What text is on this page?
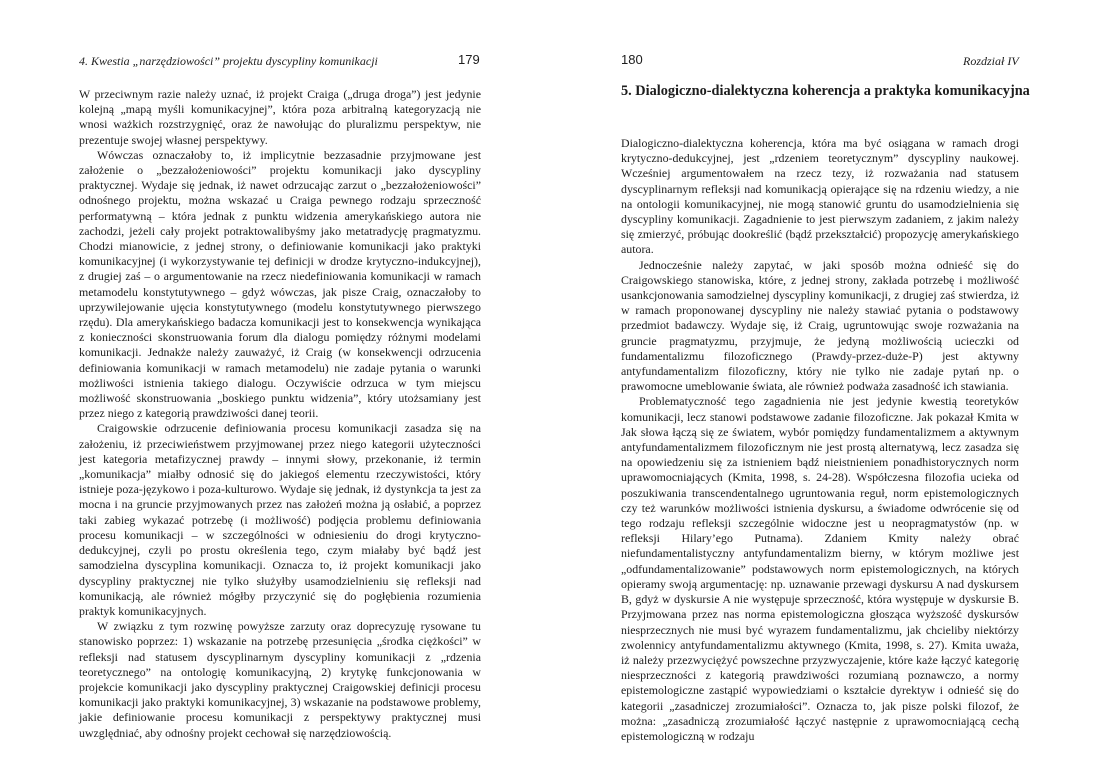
4. Kwestia „narzędziowości” projektu dyscypliny komunikacji	179

W przeciwnym razie należy uznać, iż projekt Craiga („druga droga”) jest jedynie kolejną „mapą myśli komunikacyjnej”, która poza arbitralną kategoryzacją nie wnosi ważkich rozstrzygnięć, oraz że nawołując do pluralizmu perspektyw, nie prezentuje swojej własnej perspektywy.

Wówczas oznaczałoby to, iż implicytnie bezzasadnie przyjmowane jest założenie o „bezzałożeniowości” projektu komunikacji jako dyscypliny praktycznej. Wydaje się jednak, iż nawet odrzucając zarzut o „bezzałożeniowości” odnośnego projektu, można wskazać u Craiga pewnego rodzaju sprzeczność performatywną – która jednak z punktu widzenia amerykańskiego autora nie zachodzi, jeżeli cały projekt potraktowalibyśmy jako metatradycję pragmatyzmu. Chodzi mianowicie, z jednej strony, o definiowanie komunikacji jako praktyki komunikacyjnej (i wykorzystywanie tej definicji w drodze krytyczno-indukcyjnej), z drugiej zaś – o argumentowanie na rzecz niedefiniowania komunikacji w ramach metamodelu konstytutywnego – gdyż wówczas, jak pisze Craig, oznaczałoby to uprzywilejowanie ujęcia konstytutywnego (modelu konstytutywnego pierwszego rzędu). Dla amerykańskiego badacza komunikacji jest to konsekwencja wynikająca z konieczności skonstruowania forum dla dialogu pomiędzy różnymi modelami komunikacji. Jednakże należy zauważyć, iż Craig (w konsekwencji odrzucenia definiowania komunikacji w ramach metamodelu) nie zadaje pytania o warunki możliwości istnienia takiego dialogu. Oczywiście odrzuca w tym miejscu możliwość skonstruowania „boskiego punktu widzenia”, który utożsamiany jest przez niego z kategorią prawdziwości danej teorii.

Craigowskie odrzucenie definiowania procesu komunikacji zasadza się na założeniu, iż przeciwieństwem przyjmowanej przez niego kategorii użyteczności jest kategoria metafizycznej prawdy – innymi słowy, przekonanie, iż termin „komunikacja” miałby odnosić się do jakiegoś elementu rzeczywistości, który istnieje poza-językowo i poza-kulturowo. Wydaje się jednak, iż dystynkcja ta jest za mocna i na gruncie przyjmowanych przez nas założeń można ją osłabić, a poprzez taki zabieg wykazać potrzebę (i możliwość) podjęcia problemu definiowania procesu komunikacji – w szczególności w odniesieniu do drogi krytyczno-dedukcyjnej, czyli po prostu określenia tego, czym miałaby być bądź jest samodzielna dyscyplina komunikacji. Oznacza to, iż projekt komunikacji jako dyscypliny praktycznej nie tylko służyłby usamodzielnieniu się refleksji nad komunikacją, ale również mógłby przyczynić się do pogłębienia rozumienia praktyk komunikacyjnych.

W związku z tym rozwinę powyższe zarzuty oraz doprecyzuję rysowane tu stanowisko poprzez: 1) wskazanie na potrzebę przesunięcia „środka ciężkości” w refleksji nad statusem dyscyplinarnym dyscypliny komunikacji z „rdzenia teoretycznego” na ontologię komunikacyjną, 2) krytykę funkcjonowania w projekcie komunikacji jako dyscypliny praktycznej Craigowskiej definicji procesu komunikacji jako praktyki komunikacyjnej, 3) wskazanie na podstawowe problemy, jakie definiowanie procesu komunikacji z perspektywy praktycznej musi uwzględniać, aby odnośny projekt cechował się narzędziowością.

180	Rozdział IV
5. Dialogiczno-dialektyczna koherencja a praktyka komunikacyjna

Dialogiczno-dialektyczna koherencja, która ma być osiągana w ramach drogi krytyczno-dedukcyjnej, jest „rdzeniem teoretycznym” dyscypliny naukowej. Wcześniej argumentowałem na rzecz tezy, iż rozważania nad statusem dyscyplinarnym refleksji nad komunikacją opierające się na rdzeniu wiedzy, a nie na ontologii komunikacyjnej, nie mogą stanowić gruntu do usamodzielnienia się dyscypliny komunikacji. Zagadnienie to jest pierwszym zadaniem, z jakim należy się zmierzyć, próbując dookreślić (bądź przekształcić) propozycję amerykańskiego autora.

Jednocześnie należy zapytać, w jaki sposób można odnieść się do Craigowskiego stanowiska, które, z jednej strony, zakłada potrzebę i możliwość usankcjonowania samodzielnej dyscypliny komunikacji, z drugiej zaś stwierdza, iż w ramach proponowanej dyscypliny nie należy stawiać pytania o podstawowy przedmiot badawczy. Wydaje się, iż Craig, ugruntowując swoje rozważania na gruncie pragmatyzmu, przyjmuje, że jedyną możliwością ucieczki od fundamentalizmu filozoficznego (Prawdy-przez-duże-P) jest aktywny antyfundamentalizm filozoficzny, który nie tylko nie zadaje pytań np. o prawomocne umeblowanie świata, ale również podważa zasadność ich stawiania.

Problematyczność tego zagadnienia nie jest jedynie kwestią teoretyków komunikacji, lecz stanowi podstawowe zadanie filozoficzne. Jak pokazał Kmita w Jak słowa łączą się ze światem, wybór pomiędzy fundamentalizmem a aktywnym antyfundamentalizmem filozoficznym nie jest prostą alternatywą, lecz zasadza się na opowiedzeniu się za istnieniem bądź nieistnieniem ponadhistorycznych norm uprawomocniających (Kmita, 1998, s. 24-28). Współczesna filozofia ucieka od poszukiwania transcendentalnego ugruntowania reguł, norm epistemologicznych czy też warunków możliwości istnienia dyskursu, a świadome odwrócenie się od tego rodzaju refleksji szczególnie widoczne jest u neopragmatystów (np. w refleksji Hilary’ego Putnama). Zdaniem Kmity należy obrać niefundamentalistyczny antyfundamentalizm bierny, w którym możliwe jest „odfundamentalizowanie” podstawowych norm epistemologicznych, na których opieramy swoją argumentację: np. uznawanie przewagi dyskursu A nad dyskursem B, gdyż w dyskursie A nie występuje sprzeczność, która występuje w dyskursie B. Przyjmowana przez nas norma epistemologiczna głosząca wyższość dyskursów niesprzecznych nie musi być wyrazem fundamentalizmu, jak chcieliby niektórzy zwolennicy antyfundamentalizmu aktywnego (Kmita, 1998, s. 27). Kmita uważa, iż należy przezwyciężyć powszechne przyzwyczajenie, które każe łączyć kategorię niesprzeczności z kategorią prawdziwości rozumianą poznawczo, a normy epistemologiczne zastąpić wypowiedziami o kształcie dyrektyw i odnieść się do kategorii „zasadniczej zrozumiałości”. Oznacza to, jak pisze polski filozof, że można: „zasadniczą zrozumiałość łączyć następnie z uprawomocniającą cechą epistemologiczną w rodzaju
